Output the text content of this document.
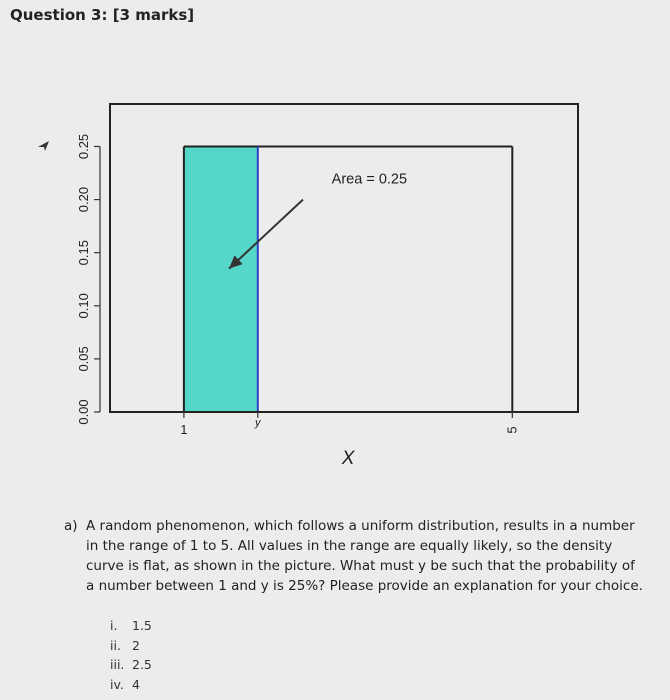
Question 3: [3 marks]
0.00
0.05
0.10
0.15
0.20
0.25
1	y
5
X
Area = 0.25
a) A random phenomenon, which follows a uniform distribution, results in a number in the range of 1 to 5. All values in the range are equally likely, so the density curve is flat, as shown in the picture. What must y be such that the probability of a number between 1 and y is 25%? Please provide an explanation for your choice.
i. 1.5
ii. 2
iii. 2.5
iv. 4
